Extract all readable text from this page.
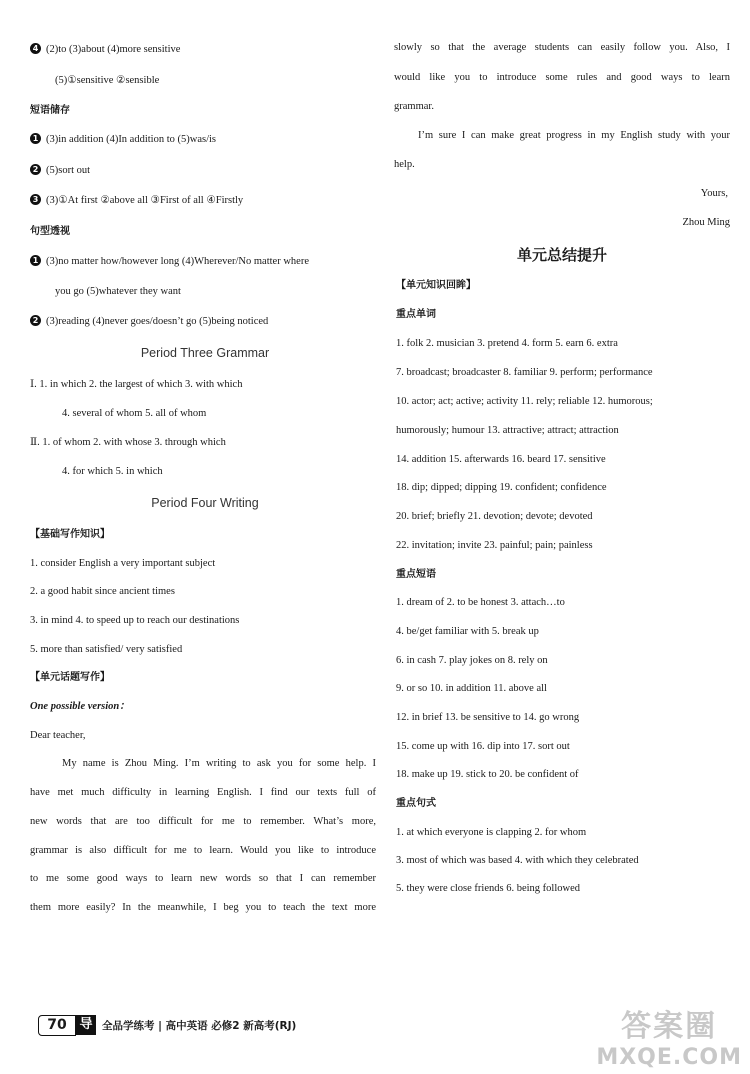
4 (2)to (3)about (4)more sensitive
(5)①sensitive ②sensible
短语储存
1 (3)in addition (4)In addition to (5)was/is
2 (5)sort out
3 (3)①At first ②above all ③First of all ④Firstly
句型透视
1 (3)no matter how/however long (4)Wherever/No matter where
you go (5)whatever they want
2 (3)reading (4)never goes/doesn’t go (5)being noticed
Period Three Grammar
Ⅰ. 1. in which 2. the largest of which 3. with which
4. several of whom 5. all of whom
Ⅱ. 1. of whom 2. with whose 3. through which
4. for which 5. in which
Period Four Writing
【基础写作知识】
1. consider English a very important subject
2. a good habit since ancient times
3. in mind 4. to speed up to reach our destinations
5. more than satisfied/ very satisfied
【单元话题写作】
One possible version：
Dear teacher,
My name is Zhou Ming. I’m writing to ask you for some help. I
have met much difficulty in learning English. I find our texts full of
new words that are too difficult for me to remember. What’s more,
grammar is also difficult for me to learn. Would you like to introduce
to me some good ways to learn new words so that I can remember
them more easily? In the meanwhile, I beg you to teach the text more
slowly so that the average students can easily follow you. Also, I
would like you to introduce some rules and good ways to learn
grammar.
I’m sure I can make great progress in my English study with your
help.
Yours,
Zhou Ming
单元总结提升
【单元知识回眸】
重点单词
1. folk 2. musician 3. pretend 4. form 5. earn 6. extra
7. broadcast; broadcaster 8. familiar 9. perform; performance
10. actor; act; active; activity 11. rely; reliable 12. humorous;
humorously; humour 13. attractive; attract; attraction
14. addition 15. afterwards 16. beard 17. sensitive
18. dip; dipped; dipping 19. confident; confidence
20. brief; briefly 21. devotion; devote; devoted
22. invitation; invite 23. painful; pain; painless
重点短语
1. dream of 2. to be honest 3. attach…to
4. be/get familiar with 5. break up
6. in cash 7. play jokes on 8. rely on
9. or so 10. in addition 11. above all
12. in brief 13. be sensitive to 14. go wrong
15. come up with 16. dip into 17. sort out
18. make up 19. stick to 20. be confident of
重点句式
1. at which everyone is clapping 2. for whom
3. most of which was based 4. with which they celebrated
5. they were close friends 6. being followed
70 导 全品学练考 | 高中英语 必修2 新高考(RJ)	答案圈
MXQE.COM
